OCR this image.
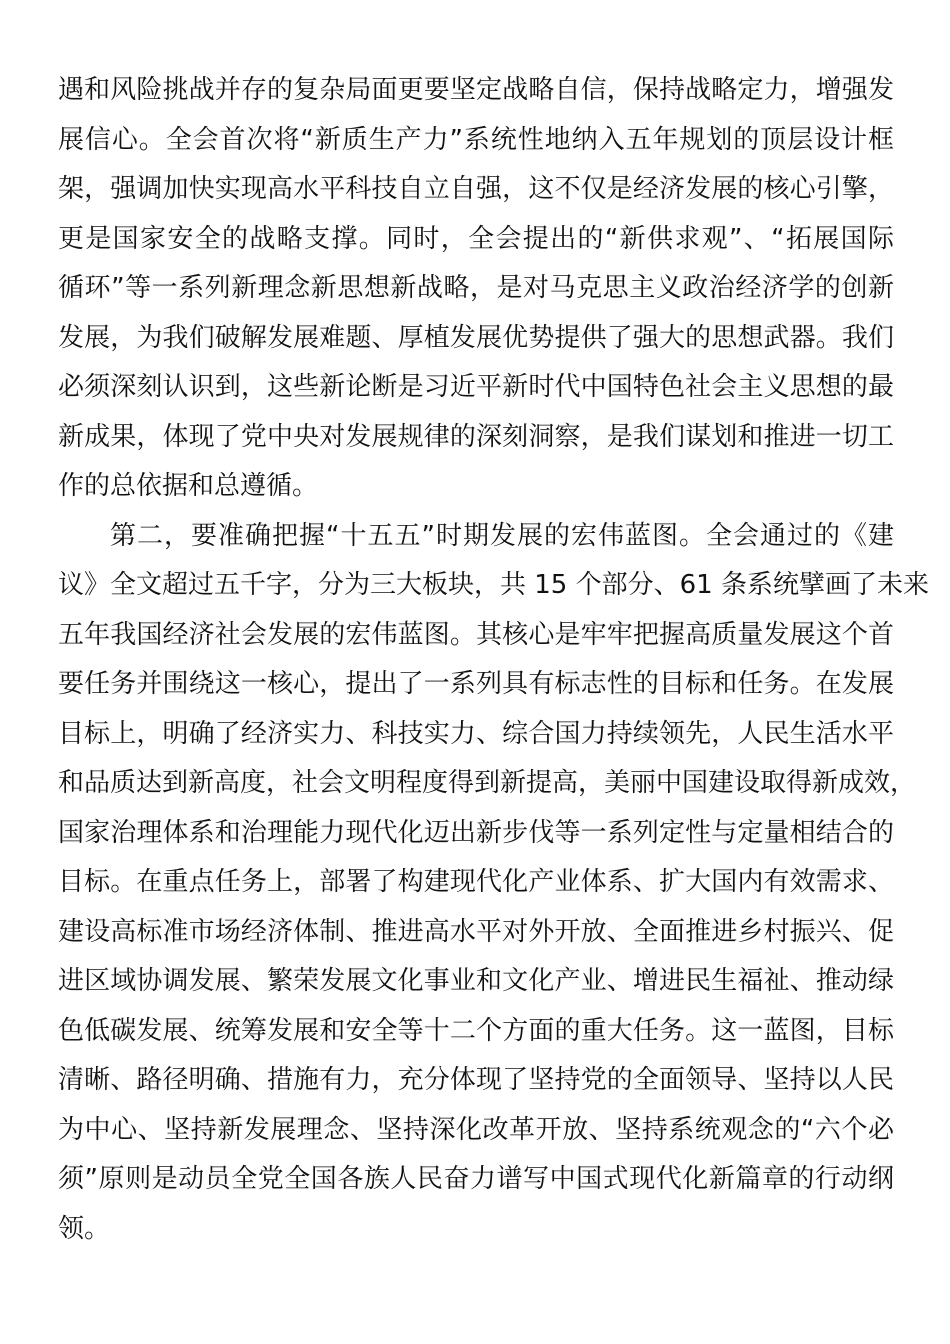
遇和风险挑战并存的复杂局面更要坚定战略自信，保持战略定力，增强发
展信心。全会首次将“新质生产力”系统性地纳入五年规划的顶层设计框
架，强调加快实现高水平科技自立自强，这不仅是经济发展的核心引擎，
更是国家安全的战略支撑。同时，全会提出的“新供求观”、“拓展国际
循环”等一系列新理念新思想新战略，是对马克思主义政治经济学的创新
发展，为我们破解发展难题、厚植发展优势提供了强大的思想武器。我们
必须深刻认识到，这些新论断是习近平新时代中国特色社会主义思想的最
新成果，体现了党中央对发展规律的深刻洞察，是我们谋划和推进一切工
作的总依据和总遵循。
第二，要准确把握“十五五”时期发展的宏伟蓝图。全会通过的《建
议》全文超过五千字，分为三大板块，共 15 个部分、61 条系统擘画了未来
五年我国经济社会发展的宏伟蓝图。其核心是牢牢把握高质量发展这个首
要任务并围绕这一核心，提出了一系列具有标志性的目标和任务。在发展
目标上，明确了经济实力、科技实力、综合国力持续领先，人民生活水平
和品质达到新高度，社会文明程度得到新提高，美丽中国建设取得新成效，
国家治理体系和治理能力现代化迈出新步伐等一系列定性与定量相结合的
目标。在重点任务上，部署了构建现代化产业体系、扩大国内有效需求、
建设高标准市场经济体制、推进高水平对外开放、全面推进乡村振兴、促
进区域协调发展、繁荣发展文化事业和文化产业、增进民生福祉、推动绿
色低碳发展、统筹发展和安全等十二个方面的重大任务。这一蓝图，目标
清晰、路径明确、措施有力，充分体现了坚持党的全面领导、坚持以人民
为中心、坚持新发展理念、坚持深化改革开放、坚持系统观念的“六个必
须”原则是动员全党全国各族人民奋力谱写中国式现代化新篇章的行动纲
领。
